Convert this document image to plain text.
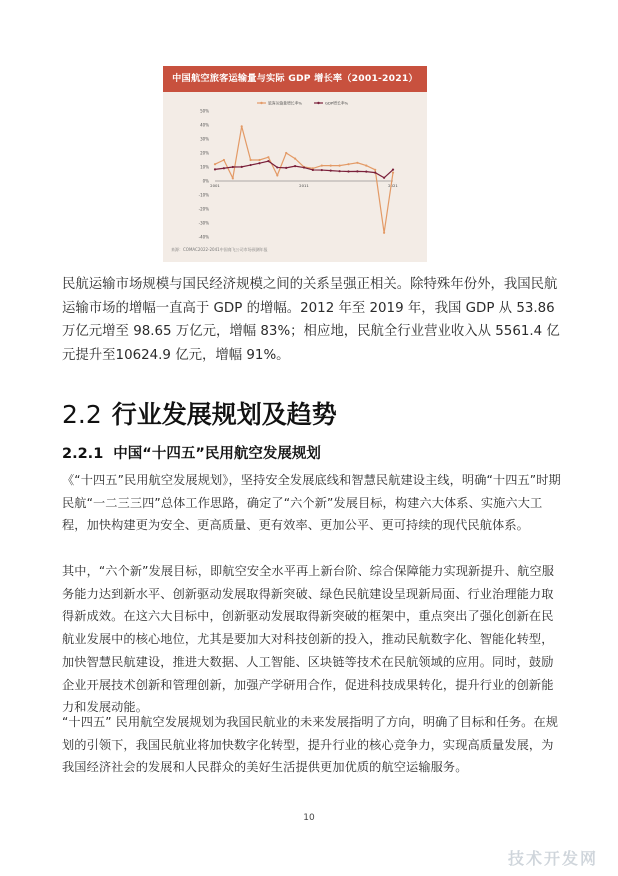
中国航空旅客运输量与实际 GDP 增长率（2001-2021）
50%
40%
30%
20%
10%
0%
-10%
-20%
-30%
-40%
2001	2011	2021
旅客运输量增长率%	GDP增长率%
来源：COMAC2022-2041中国商飞公司市场预测年报

民航运输市场规模与国民经济规模之间的关系呈强正相关。除特殊年份外，我国民航运输市场的增幅一直高于 GDP 的增幅。2012 年至 2019 年，我国 GDP 从 53.86 万亿元增至 98.65 万亿元，增幅 83%；相应地，民航全行业营业收入从 5561.4 亿元提升至10624.9 亿元，增幅 91%。

2.2 行业发展规划及趋势
2.2.1 中国“十四五”民用航空发展规划

《“十四五”民用航空发展规划》，坚持安全发展底线和智慧民航建设主线，明确“十四五”时期民航“一二三三四”总体工作思路，确定了“六个新”发展目标，构建六大体系、实施六大工程，加快构建更为安全、更高质量、更有效率、更加公平、更可持续的现代民航体系。

其中，“六个新”发展目标，即航空安全水平再上新台阶、综合保障能力实现新提升、航空服务能力达到新水平、创新驱动发展取得新突破、绿色民航建设呈现新局面、行业治理能力取得新成效。在这六大目标中，创新驱动发展取得新突破的框架中，重点突出了强化创新在民航业发展中的核心地位，尤其是要加大对科技创新的投入，推动民航数字化、智能化转型，加快智慧民航建设，推进大数据、人工智能、区块链等技术在民航领域的应用。同时，鼓励企业开展技术创新和管理创新，加强产学研用合作，促进科技成果转化，提升行业的创新能力和发展动能。

“十四五” 民用航空发展规划为我国民航业的未来发展指明了方向，明确了目标和任务。在规划的引领下，我国民航业将加快数字化转型，提升行业的核心竞争力，实现高质量发展，为我国经济社会的发展和人民群众的美好生活提供更加优质的航空运输服务。

10
技术开发网
